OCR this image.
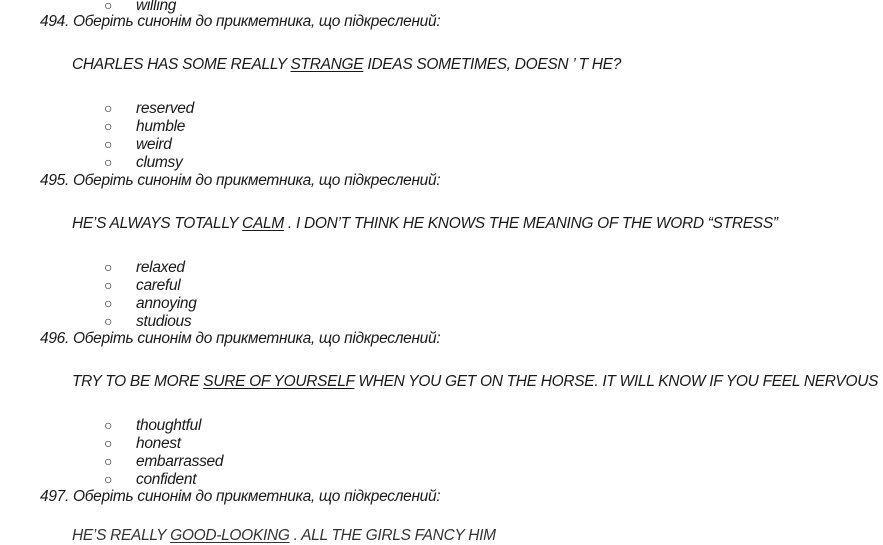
○ willing
494. Оберіть синонім до прикметника, що підкреслений:
CHARLES HAS SOME REALLY STRANGE IDEAS SOMETIMES, DOESN ’ T HE?
○ reserved
○ humble
○ weird
○ clumsy
495. Оберіть синонім до прикметника, що підкреслений:
HE’S ALWAYS TOTALLY CALM . I DON’T THINK HE KNOWS THE MEANING OF THE WORD “STRESS”
○ relaxed
○ careful
○ annoying
○ studious
496. Оберіть синонім до прикметника, що підкреслений:
TRY TO BE MORE SURE OF YOURSELF WHEN YOU GET ON THE HORSE. IT WILL KNOW IF YOU FEEL NERVOUS
○ thoughtful
○ honest
○ embarrassed
○ confident
497. Оберіть синонім до прикметника, що підкреслений:
HE’S REALLY GOOD-LOOKING . ALL THE GIRLS FANCY HIM
